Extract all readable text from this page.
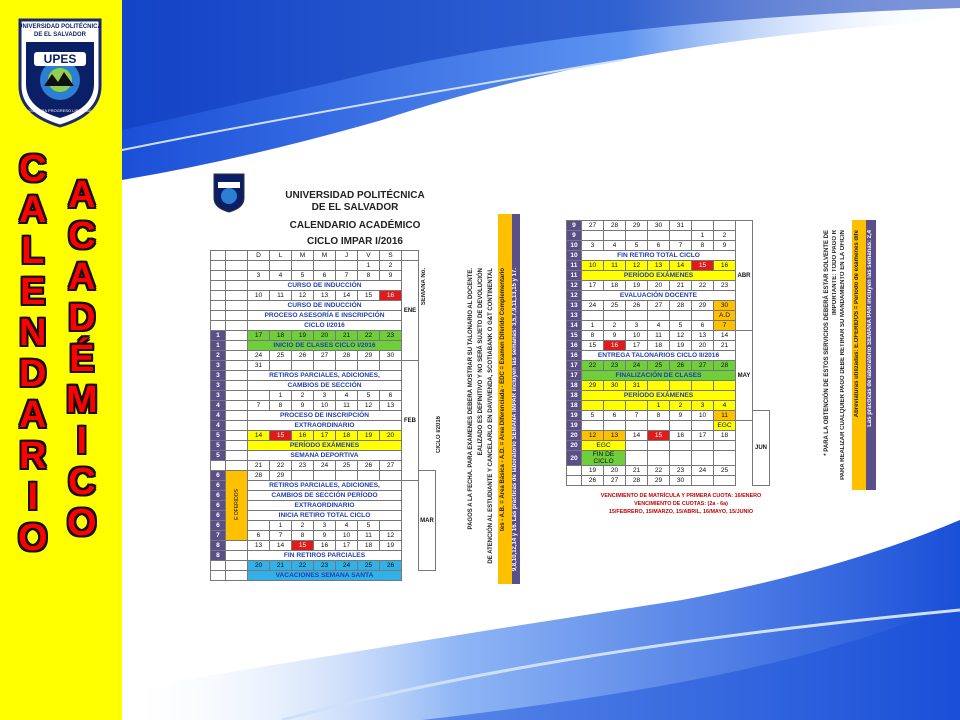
UPES
UNIVERSIDAD POLITÉCNICA
DE EL SALVADOR
CULTURA PROGRESO LIBERTAD
C
A
L
E
N
D
A
R
I
O
A
C
A
D
É
M
I
C
O
UNIVERSIDAD POLITÉCNICA
DE EL SALVADOR
CALENDARIO ACADÉMICO
CICLO IMPAR I/2016
		D	L	M	M	J	V	S		
							1	2	ENE	
		3	4	5	6	7	8	9		
		CURSO DE INDUCCIÓN								
		10	11	12	13	14	15	16		
		CURSO DE INDUCCIÓN								
		PROCESO ASESORÍA E INSCRIPCIÓN								
		CICLO I/2016								
1		17	18	19	20	21	22	23		
1		INICIO DE CLASES CICLO I/2016								
2		24	25	26	27	28	29	30		
3		31							FEB	
3		RETIROS PARCIALES, ADICIONES,								
3		CAMBIOS DE SECCIÓN								
3			1	2	3	4	5	6		
4		7	8	9	10	11	12	13		
4		PROCESO DE INSCRIPCIÓN								
4		EXTRAORDINARIO								
5		14	15	16	17	18	19	20		
5		PERÍODO EXÁMENES								
5		SEMANA DEPORTIVA								
		21	22	23	24	25	26	27		
6	E OFERIDOS	28	29							MAR
6		RETIROS PARCIALES, ADICIONES,								
6		CAMBIOS DE SECCIÓN PERÍODO								
6		EXTRAORDINARIO								
6		INICIA RETIRO TOTAL CICLO								
6			1	2	3	4	5			
7		6	7	8	9	10	11	12		
8		13	14	15	16	17	18	19		
8		FIN RETIROS PARCIALES								
		20	21	22	23	24	25	26		
		VACACIONES SEMANA SANTA								
SEMANA No.
CICLO I/2016	PAGOS A LA FECHA. PARA EXÁMENES DEBERÁ MOSTRAR SU TALONARIO AL DOCENTE. EALIZADO ES DEFINITIVO Y NO SERÁ SUJETO DE DEVOLUCIÓN DE ATENCIÓN AL ESTUDIANTE Y CANCELARLO EN DAVIVIENDA, SCOTIABANK O G&T CONTINENTAL tes - A.B. = Área Básica - A.D. = Área Diferenciada - EDC = Examen Diferido Complementario 9,8,10,12,14 y 16. Las prácticas de laboratorio SEMANA IMPAR incluyen las semanas: 3,5,7,9,11,13,15 y 17.
9	27	28	29	30	31			ABR	
9						1	2		
10	3	4	5	6	7	8	9		
10	FIN RETIRO TOTAL CICLO								
11	10	11	12	13	14	15	16		
11	PERÍODO EXÁMENES								
12	17	18	19	20	21	22	23		
12	EVALUACIÓN DOCENTE								
13	24	25	26	27	28	29	30		
13							A.D		
14	1	2	3	4	5	6	7		
15	8	9	10	11	12	13	14	MAY	
16	15	16	17	18	19	20	21		
16	ENTREGA TALONARIOS CICLO II/2016								
17	22	23	24	25	26	27	28		
17	FINALIZACIÓN DE CLASES								
18	29	30	31						
18	PERÍODO EXÁMENES								
18				1	2	3	4		
19	5	6	7	8	9	10	11		JUN
19							EGC		
20	12	13	14	15	16	17	18		
20	EGC								
20	FIN DE CICLO								
	19	20	21	22	23	24	25		
	26	27	28	29	30				
* PARA LA OBTENCIÓN DE ESTOS SERVICIOS DEBERÁ ESTAR SOLVENTE DE IMPORTANTE: TODO PAGO R PARA REALIZAR CUALQUIER PAGO DEBE RETIRAR SU MANDAMIENTO EN LA OFICIN Abreviaturas utilizadas: E.OFERIDOS = Período de exámenes dife Las prácticas de laboratorio SEMANA PAR incluyen las semanas: 2,4
VENCIMIENTO DE MATRÍCULA Y PRIMERA CUOTA: 16/ENERO
VENCIMIENTO DE CUOTAS: (2a - 6a)
15/FEBRERO, 15/MARZO, 15/ABRIL, 16/MAYO, 15/JUNIO
